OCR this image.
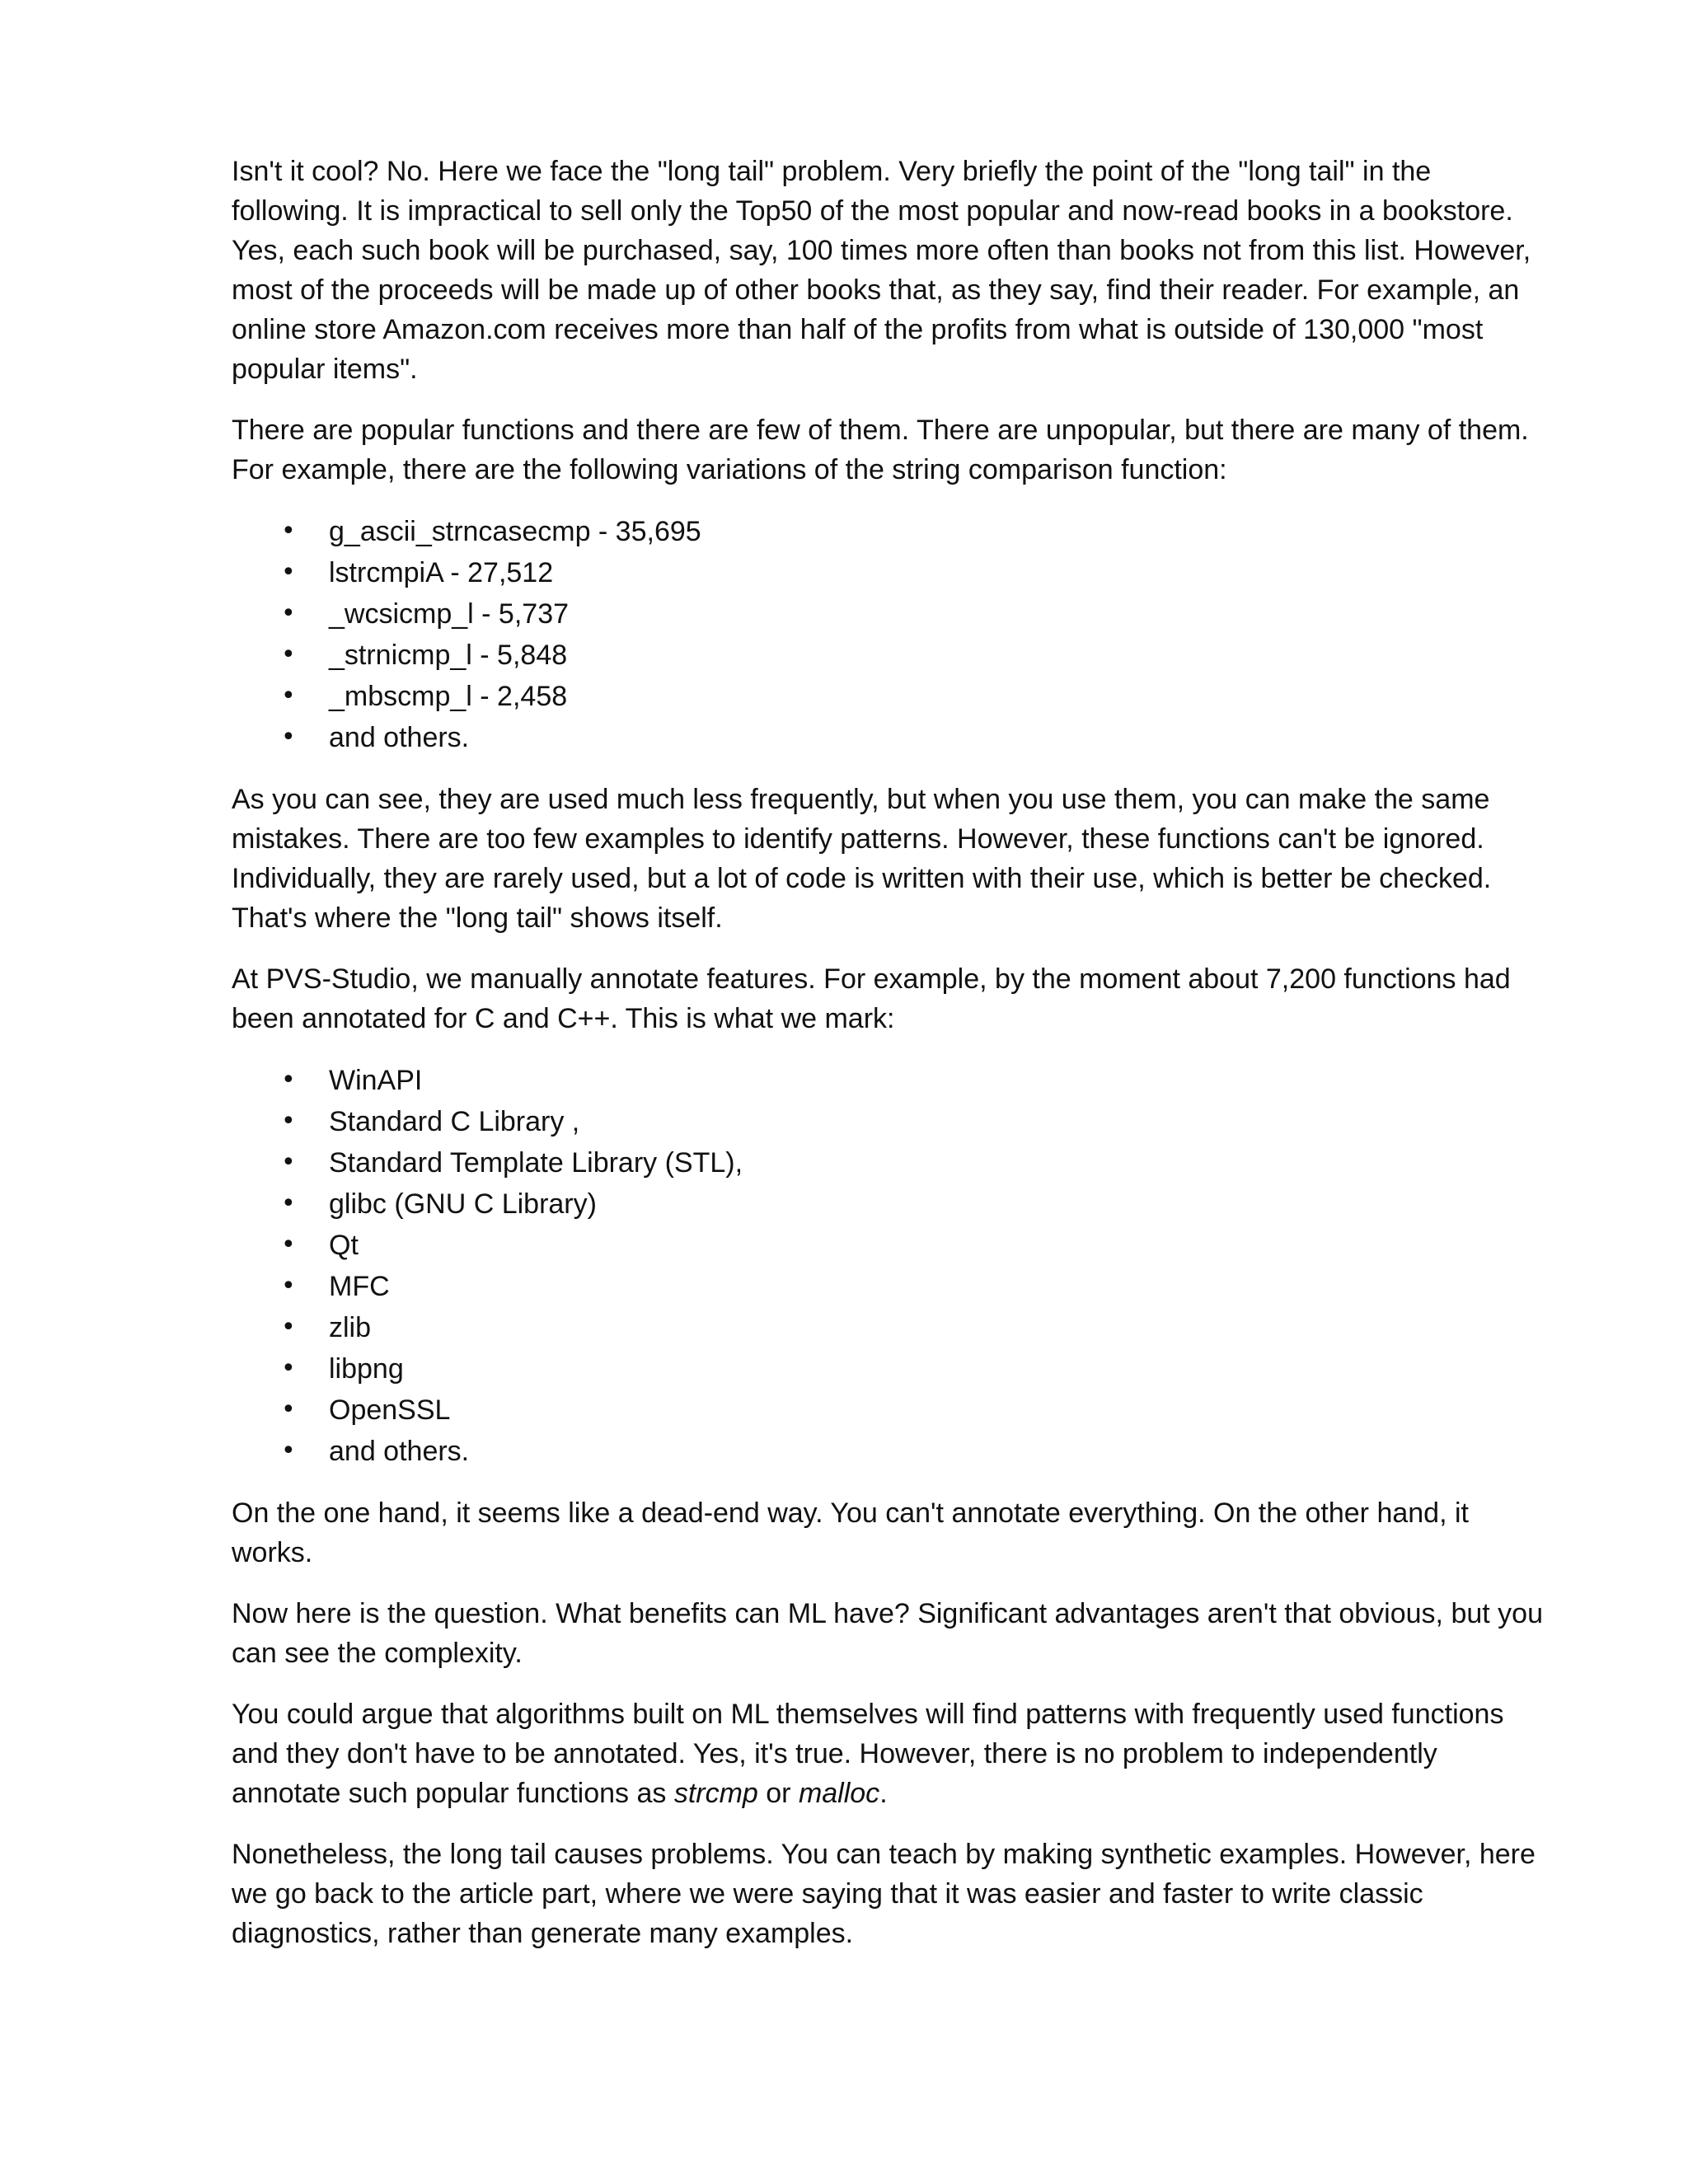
Isn't it cool? No. Here we face the "long tail" problem. Very briefly the point of the "long tail" in the following. It is impractical to sell only the Top50 of the most popular and now-read books in a bookstore. Yes, each such book will be purchased, say, 100 times more often than books not from this list. However, most of the proceeds will be made up of other books that, as they say, find their reader. For example, an online store Amazon.com receives more than half of the profits from what is outside of 130,000 "most popular items".

There are popular functions and there are few of them. There are unpopular, but there are many of them. For example, there are the following variations of the string comparison function:

• g_ascii_strncasecmp - 35,695
• lstrcmpiA - 27,512
• _wcsicmp_l - 5,737
• _strnicmp_l - 5,848
• _mbscmp_l - 2,458
• and others.

As you can see, they are used much less frequently, but when you use them, you can make the same mistakes. There are too few examples to identify patterns. However, these functions can't be ignored. Individually, they are rarely used, but a lot of code is written with their use, which is better be checked. That's where the "long tail" shows itself.

At PVS-Studio, we manually annotate features. For example, by the moment about 7,200 functions had been annotated for C and C++. This is what we mark:

• WinAPI
• Standard C Library ,
• Standard Template Library (STL),
• glibc (GNU C Library)
• Qt
• MFC
• zlib
• libpng
• OpenSSL
• and others.

On the one hand, it seems like a dead-end way. You can't annotate everything. On the other hand, it works.

Now here is the question. What benefits can ML have? Significant advantages aren't that obvious, but you can see the complexity.

You could argue that algorithms built on ML themselves will find patterns with frequently used functions and they don't have to be annotated. Yes, it's true. However, there is no problem to independently annotate such popular functions as strcmp or malloc.

Nonetheless, the long tail causes problems. You can teach by making synthetic examples. However, here we go back to the article part, where we were saying that it was easier and faster to write classic diagnostics, rather than generate many examples.
